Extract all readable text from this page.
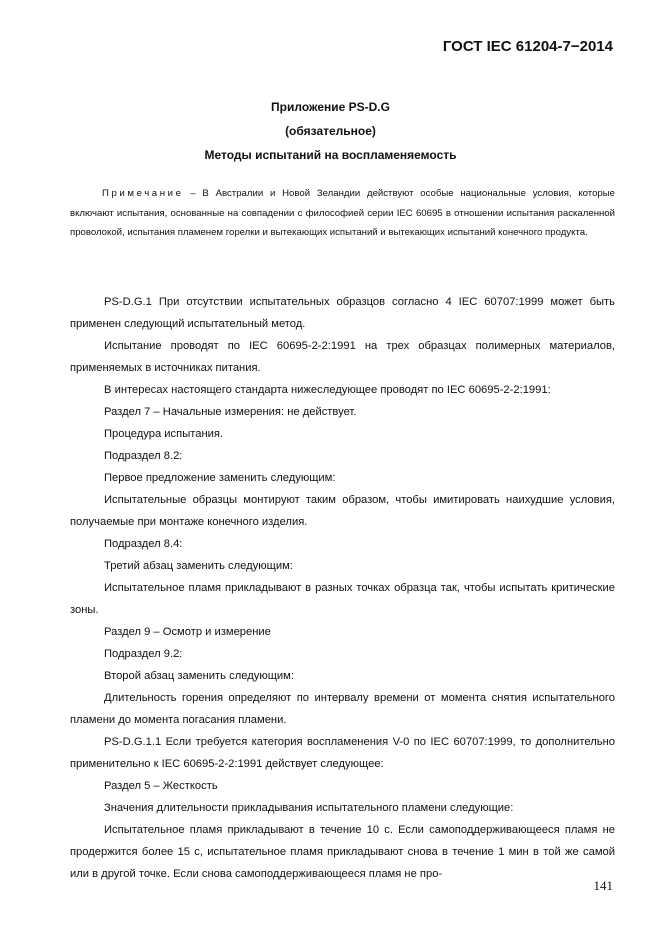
ГОСТ IEC 61204-7−2014
Приложение PS-D.G
(обязательное)
Методы испытаний на воспламеняемость

Примечание – В Австралии и Новой Зеландии действуют особые национальные условия, которые включают испытания, основанные на совпадении с философией серии IEC 60695 в отношении испытания раскаленной проволокой, испытания пламенем горелки и вытекающих испытаний и вытекающих испытаний конечного продукта.

PS-D.G.1 При отсутствии испытательных образцов согласно 4 IEC 60707:1999 может быть применен следующий испытательный метод.

Испытание проводят по IEC 60695-2-2:1991 на трех образцах полимерных материалов, применяемых в источниках питания.

В интересах настоящего стандарта нижеследующее проводят по IEC 60695-2-2:1991:

Раздел 7 – Начальные измерения: не действует.

Процедура испытания.

Подраздел 8.2:

Первое предложение заменить следующим:

Испытательные образцы монтируют таким образом, чтобы имитировать наихудшие условия, получаемые при монтаже конечного изделия.

Подраздел 8.4:

Третий абзац заменить следующим:

Испытательное пламя прикладывают в разных точках образца так, чтобы испытать критические зоны.

Раздел 9 – Осмотр и измерение

Подраздел 9.2:

Второй абзац заменить следующим:

Длительность горения определяют по интервалу времени от момента снятия испытательного пламени до момента погасания пламени.

PS-D.G.1.1 Если требуется категория воспламенения V-0 по IEC 60707:1999, то дополнительно применительно к IEC 60695-2-2:1991 действует следующее:

Раздел 5 – Жесткость

Значения длительности прикладывания испытательного пламени следующие:

Испытательное пламя прикладывают в течение 10 с. Если самоподдерживающееся пламя не продержится более 15 с, испытательное пламя прикладывают снова в течение 1 мин в той же самой или в другой точке. Если снова самоподдерживающееся пламя не про-

141
